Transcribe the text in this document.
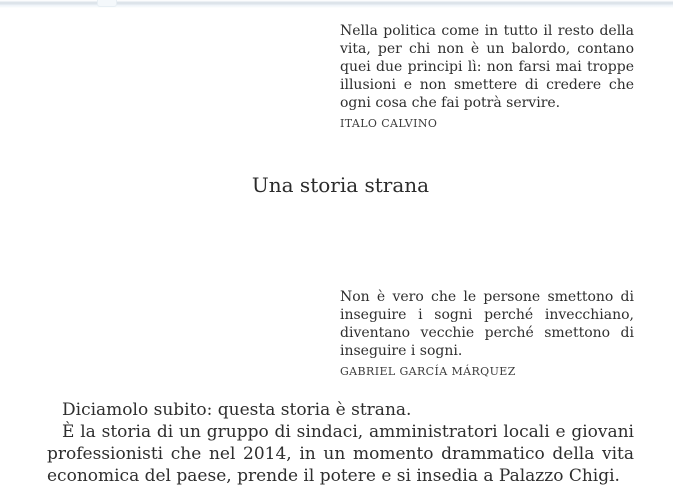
Nella politica come in tutto il resto della vita, per chi non è un balordo, contano quei due principi lì: non farsi mai troppe illusioni e non smettere di credere che ogni cosa che fai potrà servire.

ITALO CALVINO
Una storia strana

Non è vero che le persone smettono di inseguire i sogni perché invecchiano, diventano vecchie perché smettono di inseguire i sogni.

GABRIEL GARCÍA MÁRQUEZ

Diciamolo subito: questa storia è strana.

È la storia di un gruppo di sindaci, amministratori locali e giovani professionisti che nel 2014, in un momento drammatico della vita economica del paese, prende il potere e si insedia a Palazzo Chigi.
